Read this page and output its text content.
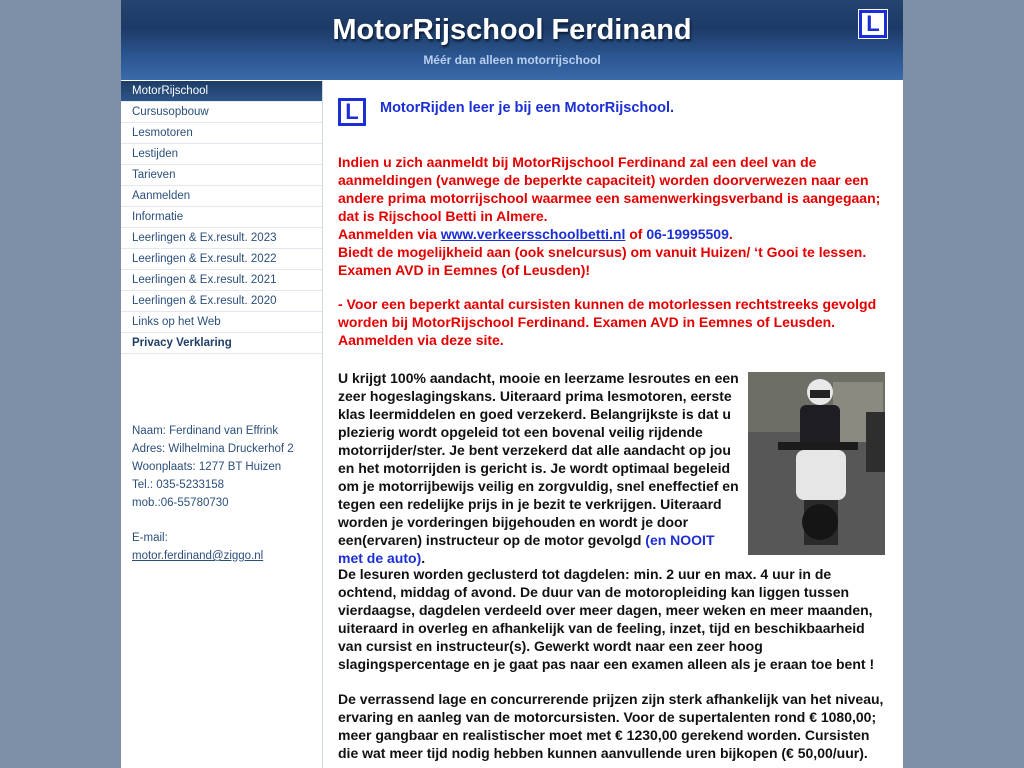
MotorRijschool Ferdinand
Méér dan alleen motorrijschool
L
MotorRijschool
Cursusopbouw
Lesmotoren
Lestijden
Tarieven
Aanmelden
Informatie
Leerlingen & Ex.result. 2023
Leerlingen & Ex.result. 2022
Leerlingen & Ex.result. 2021
Leerlingen & Ex.result. 2020
Links op het Web
Privacy Verklaring
Naam: Ferdinand van Effrink
Adres: Wilhelmina Druckerhof 2
Woonplaats: 1277 BT Huizen
Tel.: 035-5233158
mob.:06-55780730
E-mail:
motor.ferdinand@ziggo.nl
L MotorRijden leer je bij een MotorRijschool.
Indien u zich aanmeldt bij MotorRijschool Ferdinand zal een deel van de aanmeldingen (vanwege de beperkte capaciteit) worden doorverwezen naar een andere prima motorrijschool waarmee een samenwerkingsverband is aangegaan; dat is Rijschool Betti in Almere.
Aanmelden via www.verkeersschoolbetti.nl of 06-19995509.
Biedt de mogelijkheid aan (ook snelcursus) om vanuit Huizen/ ‘t Gooi te lessen. Examen AVD in Eemnes (of Leusden)!
- Voor een beperkt aantal cursisten kunnen de motorlessen rechtstreeks gevolgd worden bij MotorRijschool Ferdinand. Examen AVD in Eemnes of Leusden. Aanmelden via deze site.
U krijgt 100% aandacht, mooie en leerzame lesroutes en een zeer hogeslagingskans. Uiteraard prima lesmotoren, eerste klas leermiddelen en goed verzekerd. Belangrijkste is dat u plezierig wordt opgeleid tot een bovenal veilig rijdende motorrijder/ster. Je bent verzekerd dat alle aandacht op jou en het motorrijden is gericht is. Je wordt optimaal begeleid om je motorrijbewijs veilig en zorgvuldig, snel eneffectief en tegen een redelijke prijs in je bezit te verkrijgen. Uiteraard worden je vorderingen bijgehouden en wordt je door een(ervaren) instructeur op de motor gevolgd (en NOOIT met de auto).
De lesuren worden geclusterd tot dagdelen: min. 2 uur en max. 4 uur in de ochtend, middag of avond. De duur van de motoropleiding kan liggen tussen vierdaagse, dagdelen verdeeld over meer dagen, meer weken en meer maanden, uiteraard in overleg en afhankelijk van de feeling, inzet, tijd en beschikbaarheid van cursist en instructeur(s). Gewerkt wordt naar een zeer hoog slagingspercentage en je gaat pas naar een examen alleen als je eraan toe bent !
De verrassend lage en concurrerende prijzen zijn sterk afhankelijk van het niveau, ervaring en aanleg van de motorcursisten. Voor de supertalenten rond € 1080,00; meer gangbaar en realistischer moet met € 1230,00 gerekend worden. Cursisten die wat meer tijd nodig hebben kunnen aanvullende uren bijkopen (€ 50,00/uur).
